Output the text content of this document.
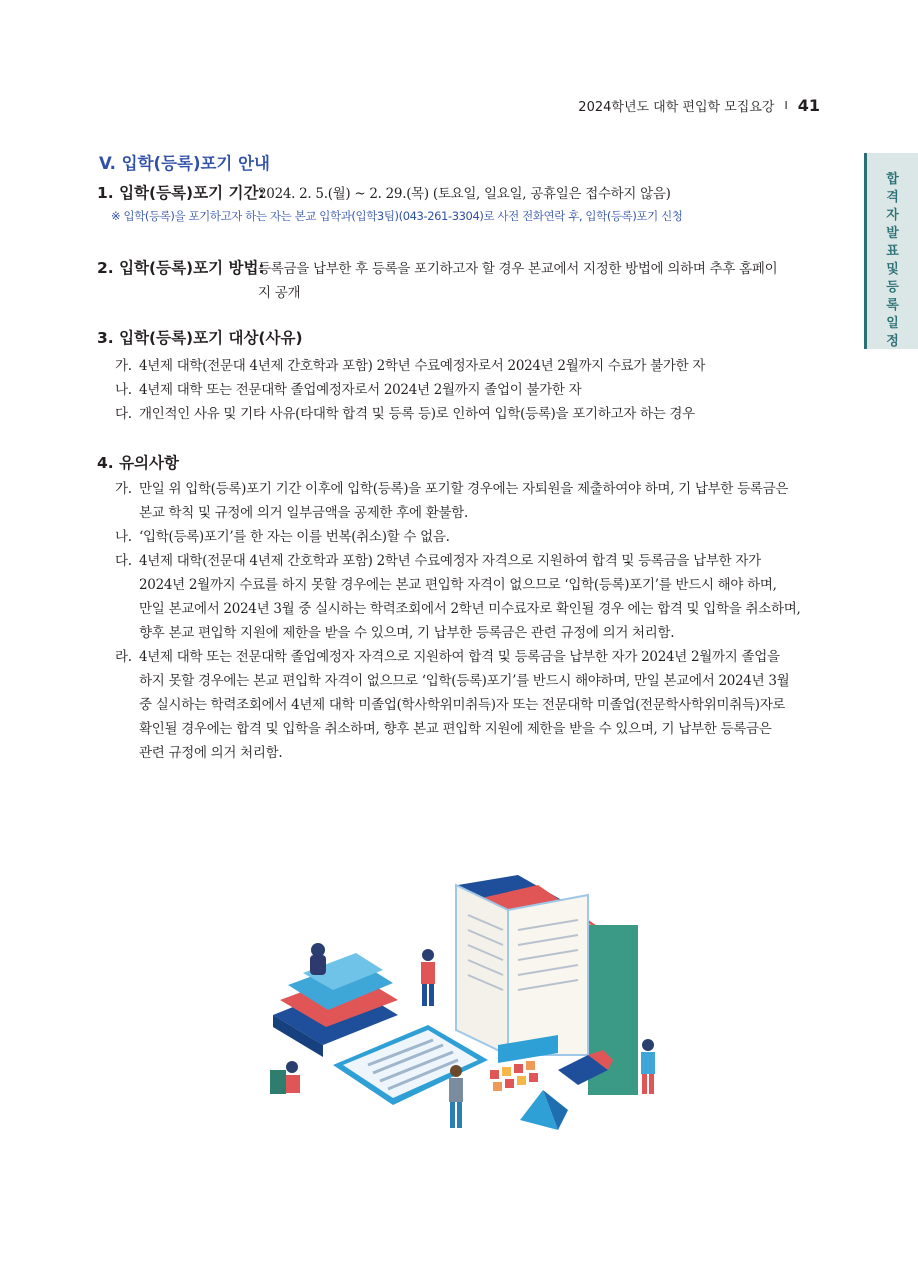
2024학년도 대학 편입학 모집요강 I 41
합
격
자
발
표
및
등
록
일
정
V. 입학(등록)포기 안내
1. 입학(등록)포기 기간:
2024. 2. 5.(월) ~ 2. 29.(목) (토요일, 일요일, 공휴일은 접수하지 않음)
※ 입학(등록)을 포기하고자 하는 자는 본교 입학과(입학3팀)(043-261-3304)로 사전 전화연락 후, 입학(등록)포기 신청
2. 입학(등록)포기 방법:
등록금을 납부한 후 등록을 포기하고자 할 경우 본교에서 지정한 방법에 의하며 추후 홈페이
지 공개
3. 입학(등록)포기 대상(사유)
가. 4년제 대학(전문대 4년제 간호학과 포함) 2학년 수료예정자로서 2024년 2월까지 수료가 불가한 자
나. 4년제 대학 또는 전문대학 졸업예정자로서 2024년 2월까지 졸업이 불가한 자
다. 개인적인 사유 및 기타 사유(타대학 합격 및 등록 등)로 인하여 입학(등록)을 포기하고자 하는 경우
4. 유의사항
가. 만일 위 입학(등록)포기 기간 이후에 입학(등록)을 포기할 경우에는 자퇴원을 제출하여야 하며, 기 납부한 등록금은
본교 학칙 및 규정에 의거 일부금액을 공제한 후에 환불함.
나. ‘입학(등록)포기’를 한 자는 이를 번복(취소)할 수 없음.
다. 4년제 대학(전문대 4년제 간호학과 포함) 2학년 수료예정자 자격으로 지원하여 합격 및 등록금을 납부한 자가
2024년 2월까지 수료를 하지 못할 경우에는 본교 편입학 자격이 없으므로 ‘입학(등록)포기’를 반드시 해야 하며,
만일 본교에서 2024년 3월 중 실시하는 학력조회에서 2학년 미수료자로 확인될 경우 에는 합격 및 입학을 취소하며,
향후 본교 편입학 지원에 제한을 받을 수 있으며, 기 납부한 등록금은 관련 규정에 의거 처리함.
라. 4년제 대학 또는 전문대학 졸업예정자 자격으로 지원하여 합격 및 등록금을 납부한 자가 2024년 2월까지 졸업을
하지 못할 경우에는 본교 편입학 자격이 없으므로 ‘입학(등록)포기’를 반드시 해야하며, 만일 본교에서 2024년 3월
중 실시하는 학력조회에서 4년제 대학 미졸업(학사학위미취득)자 또는 전문대학 미졸업(전문학사학위미취득)자로
확인될 경우에는 합격 및 입학을 취소하며, 향후 본교 편입학 지원에 제한을 받을 수 있으며, 기 납부한 등록금은
관련 규정에 의거 처리함.
